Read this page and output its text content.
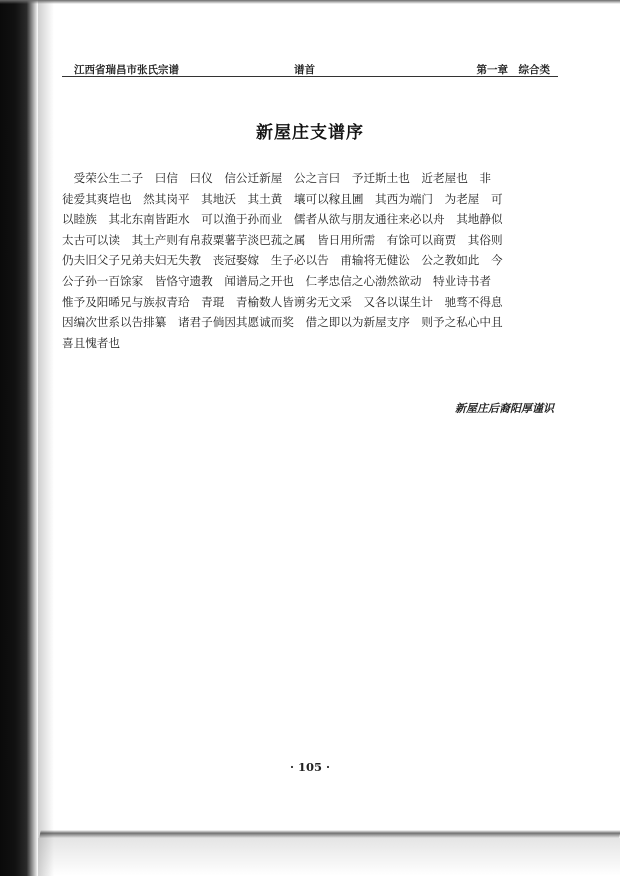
江西省瑞昌市张氏宗谱	谱首	第一章　综合类
新屋庄支谱序
　受荣公生二子　曰信　曰仪　信公迁新屋　公之言曰　予迁斯土也　近老屋也　非
徒爱其爽垲也　然其岗平　其地沃　其土黄　壤可以稼且圃　其西为端门　为老屋　可
以睦族　其北东南皆距水　可以渔于孙而业　儒者从欲与朋友通往来必以舟　其地静似
太古可以读　其土产则有帛菽粟薯芋淡巴菰之属　皆日用所需　有馀可以商贾　其俗则
仍夫旧父子兄弟夫妇无失教　丧冠娶嫁　生子必以告　甫输将无健讼　公之教如此　今
公子孙一百馀家　皆恪守遗教　闻谱局之开也　仁孝忠信之心渤然欲动　特业诗书者
惟予及阳晞兄与族叔青珨　青琨　青榆数人皆谫劣无文采　又各以谋生计　驰骛不得息
因编次世系以告排纂　诸君子倘因其愿诚而奖　借之即以为新屋支序　则予之私心中且
喜且愧者也
新屋庄后裔阳厚谨识
· 105 ·
